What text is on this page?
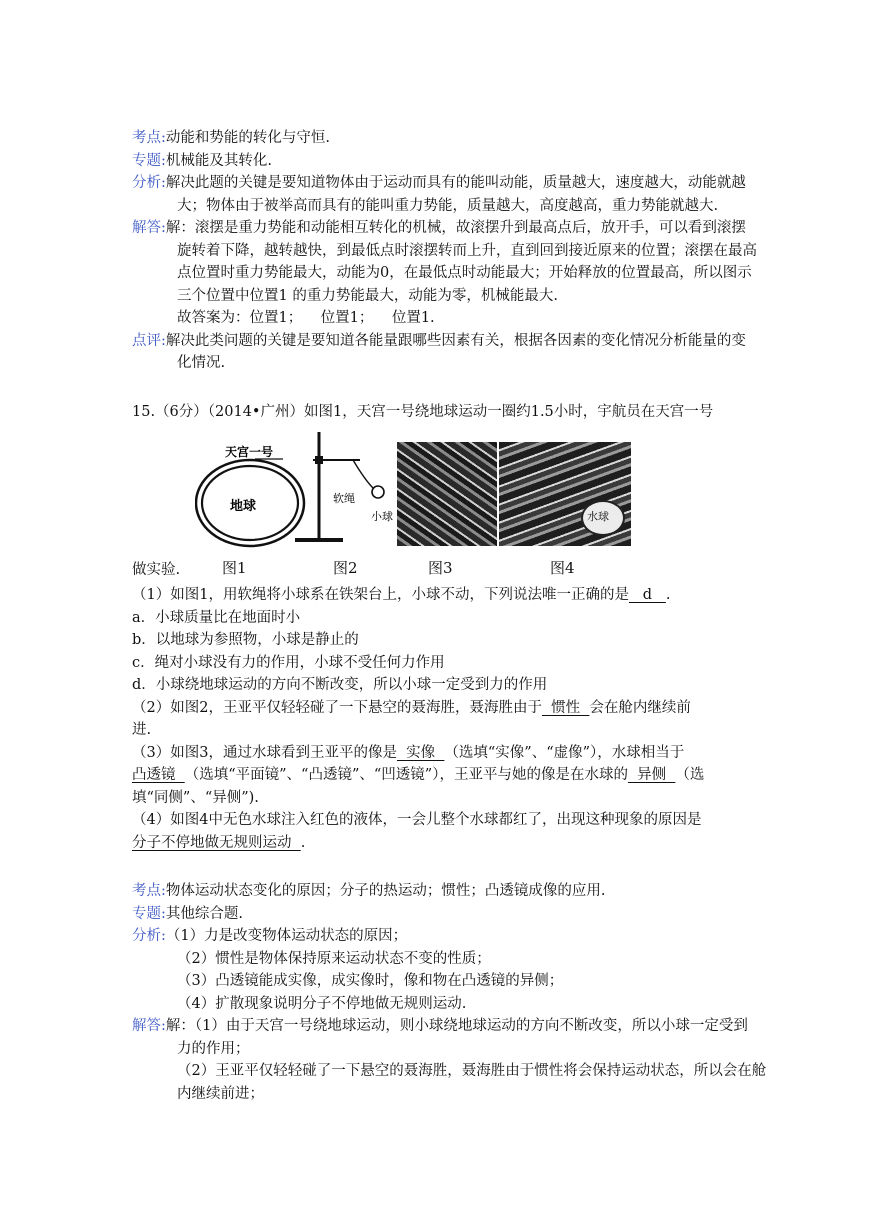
考点:动能和势能的转化与守恒.
专题:机械能及其转化.
分析:解决此题的关键是要知道物体由于运动而具有的能叫动能，质量越大，速度越大，动能就越
大；物体由于被举高而具有的能叫重力势能，质量越大，高度越高，重力势能就越大.
解答:解：滚摆是重力势能和动能相互转化的机械，故滚摆升到最高点后，放开手，可以看到滚摆
旋转着下降，越转越快，到最低点时滚摆转而上升，直到回到接近原来的位置；滚摆在最高
点位置时重力势能最大，动能为0，在最低点时动能最大；开始释放的位置最高，所以图示
三个位置中位置1 的重力势能最大，动能为零，机械能最大.
故答案为：位置1；    位置1；    位置1.
点评:解决此类问题的关键是要知道各能量跟哪些因素有关，根据各因素的变化情况分析能量的变
化情况.
15.（6分）（2014•广州）如图1，天宫一号绕地球运动一圈约1.5小时，宇航员在天宫一号
地球
天宫一号
软绳
小球	水球
做实验.	图1	图2	图3	图4
（1）如图1，用软绳将小球系在铁架台上，小球不动，下列说法唯一正确的是   d   .
a．小球质量比在地面时小
b．以地球为参照物，小球是静止的
c．绳对小球没有力的作用，小球不受任何力作用
d．小球绕地球运动的方向不断改变，所以小球一定受到力的作用
（2）如图2，王亚平仅轻轻碰了一下悬空的聂海胜，聂海胜由于  惯性  会在舱内继续前
进.
（3）如图3，通过水球看到王亚平的像是  实像  （选填“实像”、“虚像”），水球相当于
凸透镜  （选填“平面镜”、“凸透镜”、“凹透镜”），王亚平与她的像是在水球的  异侧  （选
填“同侧”、“异侧”).
（4）如图4中无色水球注入红色的液体，一会儿整个水球都红了，出现这种现象的原因是
分子不停地做无规则运动  .
考点:物体运动状态变化的原因；分子的热运动；惯性；凸透镜成像的应用.
专题:其他综合题.
分析:（1）力是改变物体运动状态的原因；
（2）惯性是物体保持原来运动状态不变的性质；
（3）凸透镜能成实像，成实像时，像和物在凸透镜的异侧；
（4）扩散现象说明分子不停地做无规则运动.
解答:解：（1）由于天宫一号绕地球运动，则小球绕地球运动的方向不断改变，所以小球一定受到
力的作用；
（2）王亚平仅轻轻碰了一下悬空的聂海胜，聂海胜由于惯性将会保持运动状态，所以会在舱
内继续前进；
